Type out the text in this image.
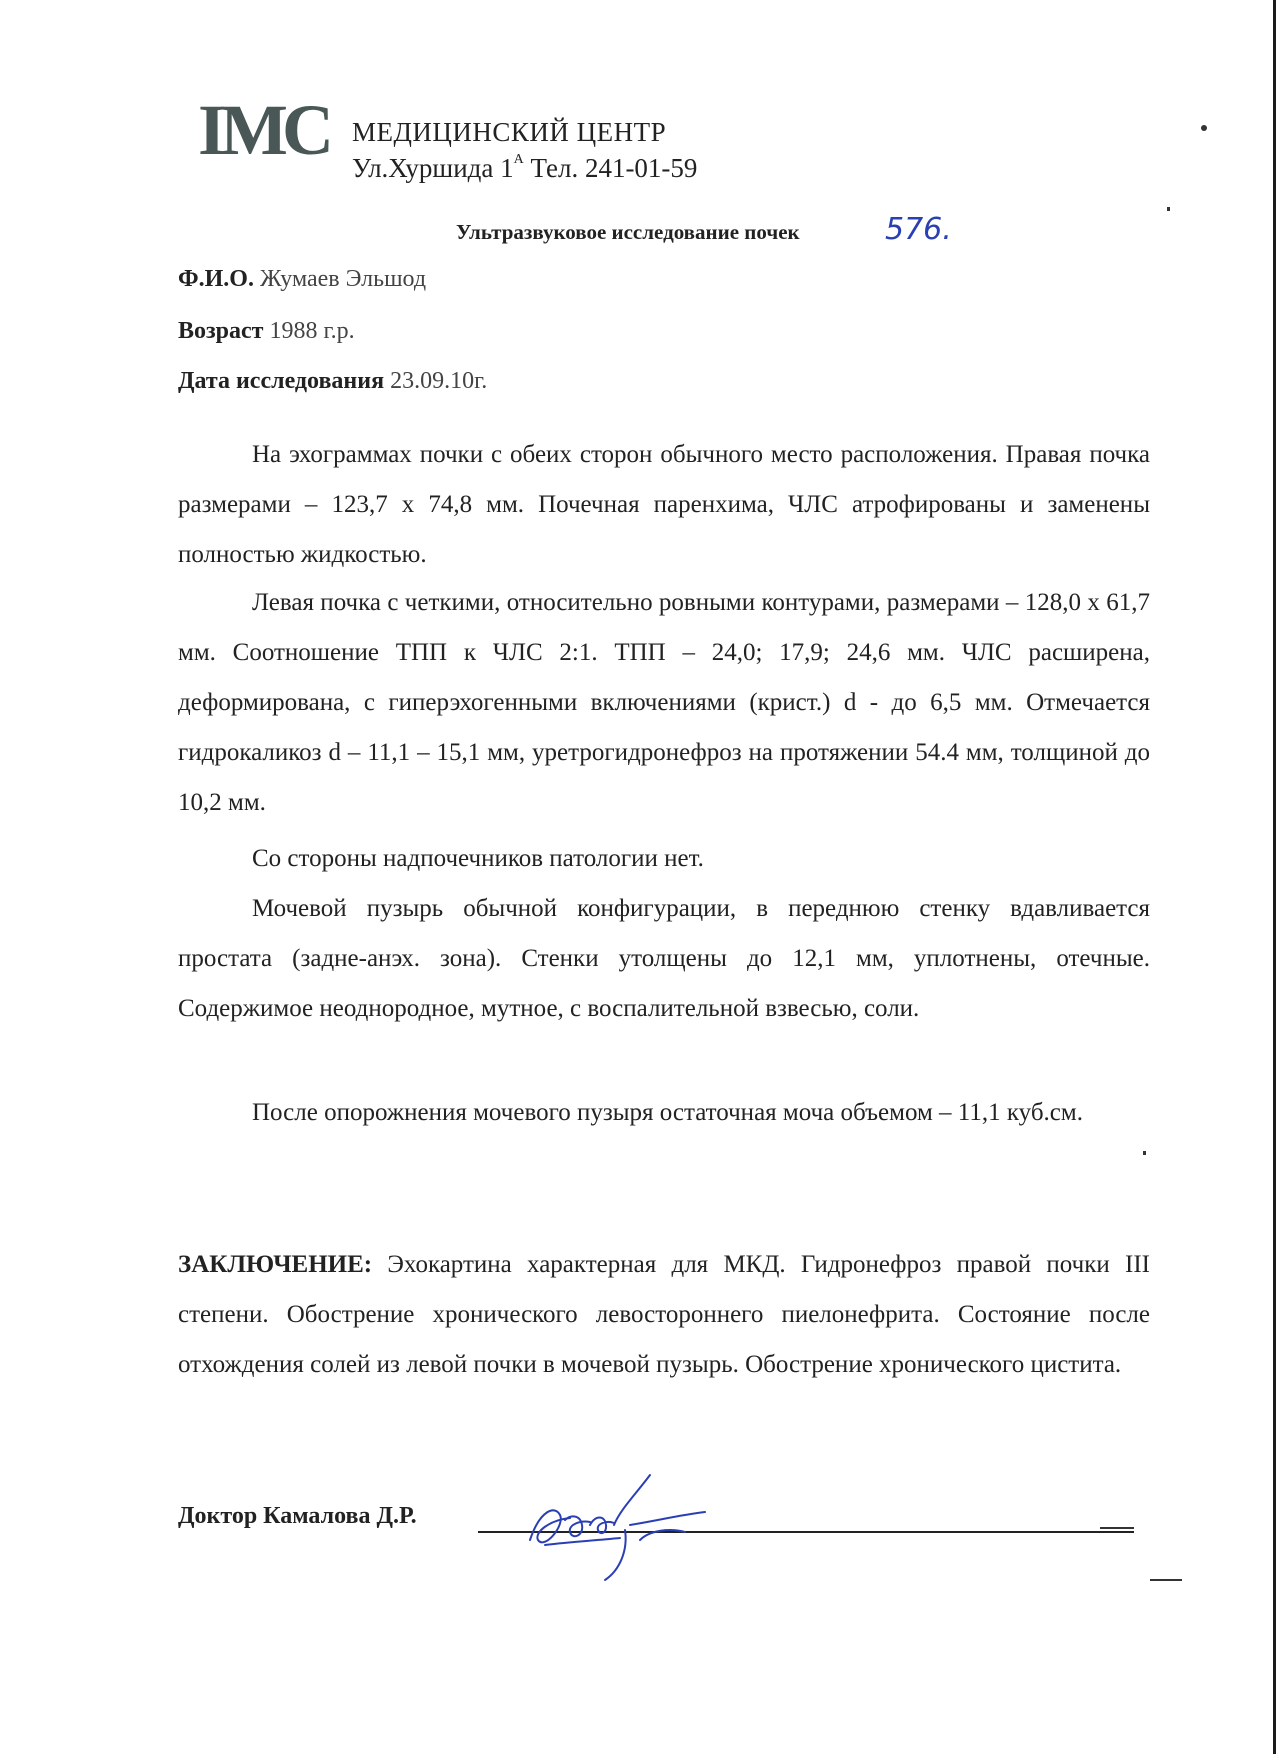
IMC МЕДИЦИНСКИЙ ЦЕНТР
Ул.Хуршида $1^А$ Тел. 241-01-59
Ультразвуковое исследование почек	576.
Ф.И.О. Жумаев Эльшод
Возраст 1988 г.р.
Дата исследования 23.09.10г.
На эхограммах почки с обеих сторон обычного место расположения. Правая почка размерами – 123,7 х 74,8 мм. Почечная паренхима, ЧЛС атрофированы и заменены полностью жидкостью.
Левая почка с четкими, относительно ровными контурами, размерами – 128,0 х 61,7 мм. Соотношение ТПП к ЧЛС 2:1. ТПП – 24,0; 17,9; 24,6 мм. ЧЛС расширена, деформирована, с гиперэхогенными включениями (крист.) d - до 6,5 мм. Отмечается гидрокаликоз d – 11,1 – 15,1 мм, уретрогидронефроз на протяжении 54.4 мм, толщиной до 10,2 мм.
Со стороны надпочечников патологии нет.
Мочевой пузырь обычной конфигурации, в переднюю стенку вдавливается простата (задне-анэх. зона). Стенки утолщены до 12,1 мм, уплотнены, отечные. Содержимое неоднородное, мутное, с воспалительной взвесью, соли.
После опорожнения мочевого пузыря остаточная моча объемом – 11,1 куб.см.
ЗАКЛЮЧЕНИЕ: Эхокартина характерная для МКД. Гидронефроз правой почки III степени. Обострение хронического левостороннего пиелонефрита. Состояние после отхождения солей из левой почки в мочевой пузырь. Обострение хронического цистита.
Доктор Камалова Д.Р.
